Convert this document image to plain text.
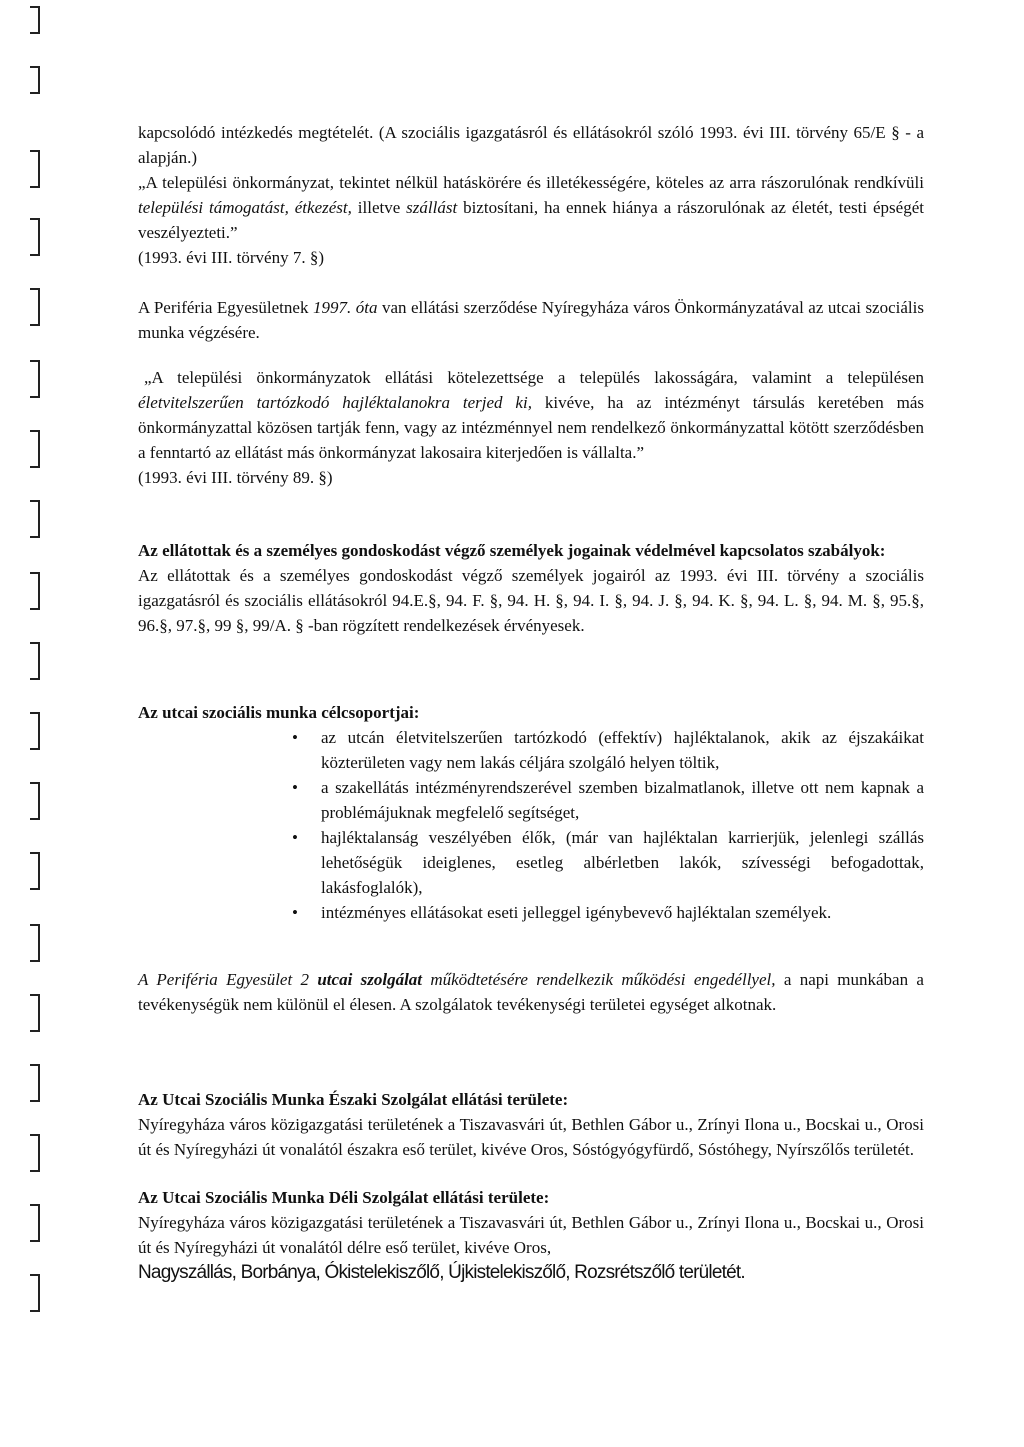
kapcsolódó intézkedés megtételét. (A szociális igazgatásról és ellátásokról szóló 1993. évi III. törvény 65/E § - a alapján.)

„A települési önkormányzat, tekintet nélkül hatáskörére és illetékességére, köteles az arra rászorulónak rendkívüli települési támogatást, étkezést, illetve szállást biztosítani, ha ennek hiánya a rászorulónak az életét, testi épségét veszélyezteti.”

(1993. évi III. törvény 7. §)

A Periféria Egyesületnek 1997. óta van ellátási szerződése Nyíregyháza város Önkormányzatával az utcai szociális munka végzésére.

„A települési önkormányzatok ellátási kötelezettsége a település lakosságára, valamint a településen életvitelszerűen tartózkodó hajléktalanokra terjed ki, kivéve, ha az intézményt társulás keretében más önkormányzattal közösen tartják fenn, vagy az intézménnyel nem rendelkező önkormányzattal kötött szerződésben a fenntartó az ellátást más önkormányzat lakosaira kiterjedően is vállalta.”

(1993. évi III. törvény 89. §)

Az ellátottak és a személyes gondoskodást végző személyek jogainak védelmével kapcsolatos szabályok:

Az ellátottak és a személyes gondoskodást végző személyek jogairól az 1993. évi III. törvény a szociális igazgatásról és szociális ellátásokról 94.E.§, 94. F. §, 94. H. §, 94. I. §, 94. J. §, 94. K. §, 94. L. §, 94. M. §, 95.§, 96.§, 97.§, 99 §, 99/A. § -ban rögzített rendelkezések érvényesek.

Az utcai szociális munka célcsoportjai:

• az utcán életvitelszerűen tartózkodó (effektív) hajléktalanok, akik az éjszakáikat közterületen vagy nem lakás céljára szolgáló helyen töltik,
• a szakellátás intézményrendszerével szemben bizalmatlanok, illetve ott nem kapnak a problémájuknak megfelelő segítséget,
• hajléktalanság veszélyében élők, (már van hajléktalan karrierjük, jelenlegi szállás lehetőségük ideiglenes, esetleg albérletben lakók, szívességi befogadottak, lakásfoglalók),
• intézményes ellátásokat eseti jelleggel igénybevevő hajléktalan személyek.

A Periféria Egyesület 2 utcai szolgálat működtetésére rendelkezik működési engedéllyel, a napi munkában a tevékenységük nem különül el élesen. A szolgálatok tevékenységi területei egységet alkotnak.

Az Utcai Szociális Munka Északi Szolgálat ellátási területe:

Nyíregyháza város közigazgatási területének a Tiszavasvári út, Bethlen Gábor u., Zrínyi Ilona u., Bocskai u., Orosi út és Nyíregyházi út vonalától északra eső terület, kivéve Oros, Sóstógyógyfürdő, Sóstóhegy, Nyírszőlős területét.

Az Utcai Szociális Munka Déli Szolgálat ellátási területe:

Nyíregyháza város közigazgatási területének a Tiszavasvári út, Bethlen Gábor u., Zrínyi Ilona u., Bocskai u., Orosi út és Nyíregyházi út vonalától délre eső terület, kivéve Oros,

Nagyszállás, Borbánya, Ókistelekiszőlő, Újkistelekiszőlő, Rozsrétszőlő területét.
